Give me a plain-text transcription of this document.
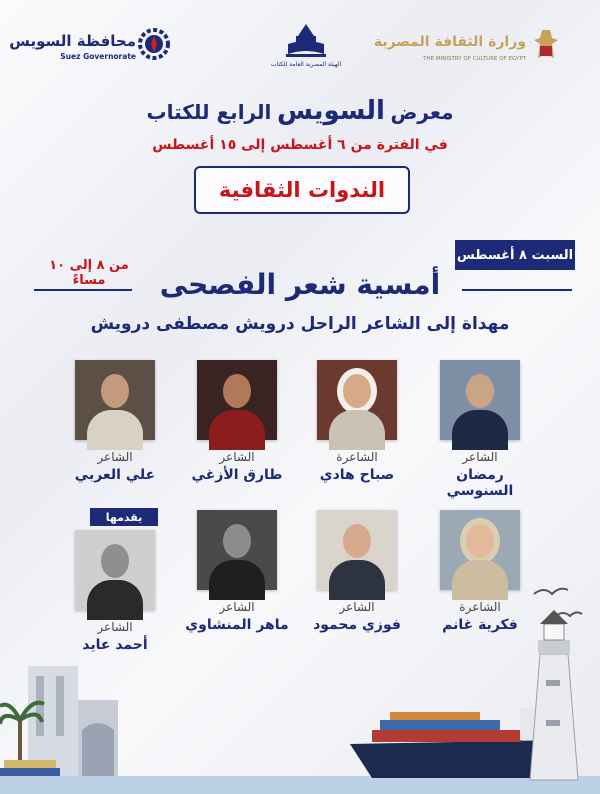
وزارة الثقافة المصرية
THE MINISTRY OF CULTURE OF EGYPT
الهيئة المصرية العامة للكتاب
محافظة السويس
Suez Governorate
معرض السويس الرابع للكتاب
في الفترة من ٦ أغسطس إلى ١٥ أغسطس
الندوات الثقافية
السبت ٨ أغسطس
من ٨ إلى ١٠ مساءً	أمسية شعر الفصحى
مهداة إلى الشاعر الراحل درويش مصطفى درويش
الشاعر
رمضان السنوسي
الشاعرة
صباح هادي
الشاعر
طارق الأزغي
الشاعر
علي العربي
الشاعرة
فكرية غانم
الشاعر
فوزي محمود
الشاعر
ماهر المنشاوي
يقدمها
الشاعر
أحمد عايد
